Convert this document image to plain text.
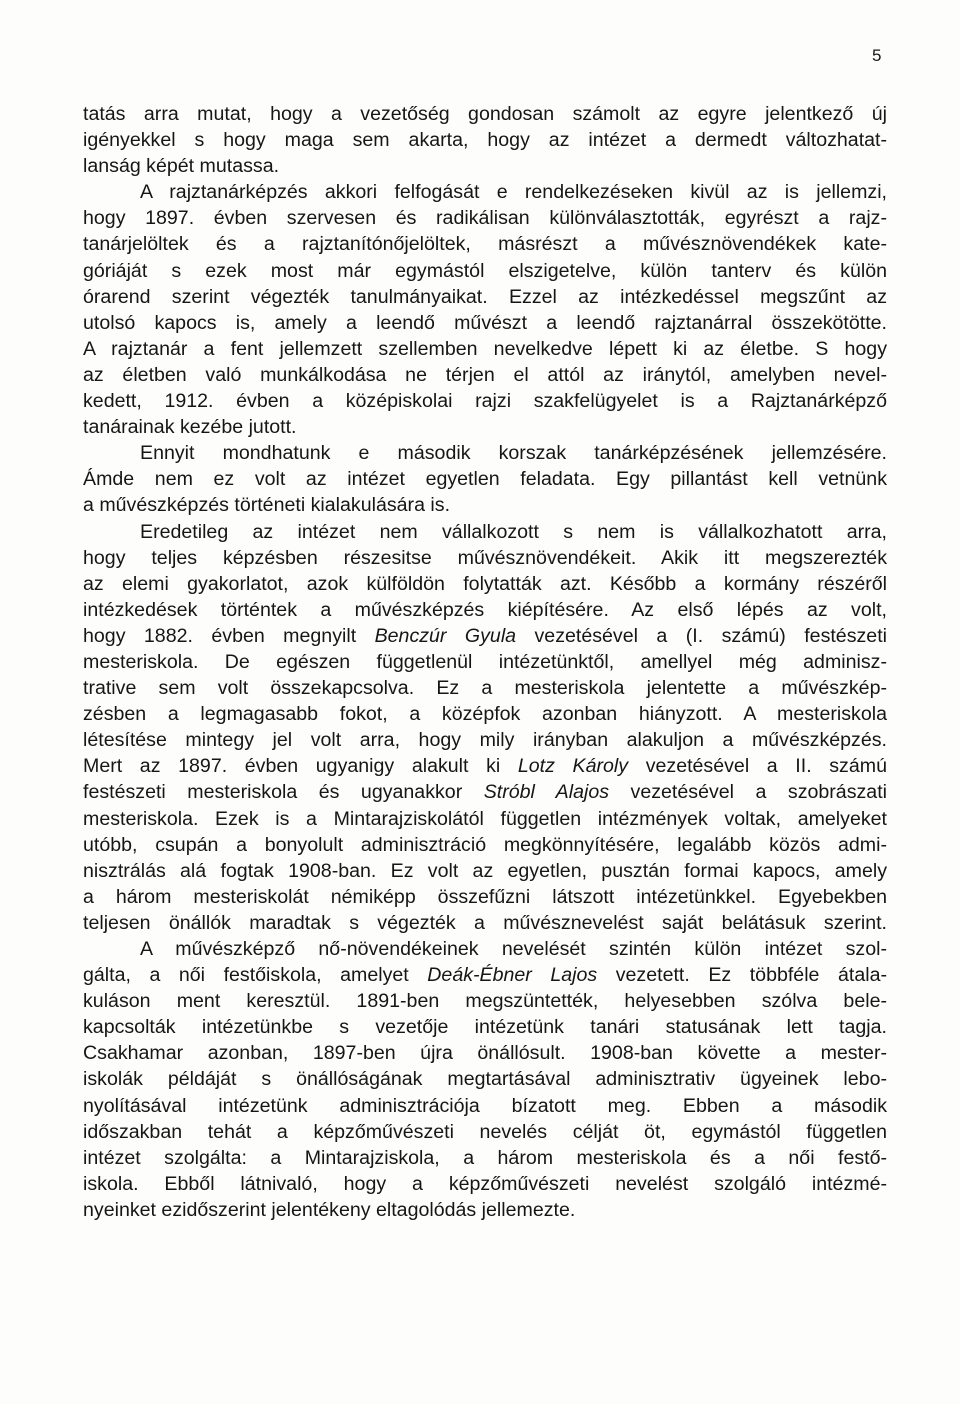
5
tatás arra mutat, hogy a vezetőség gondosan számolt az egyre jelentkező új
igényekkel s hogy maga sem akarta, hogy az intézet a dermedt változhatat-
lanság képét mutassa.
A rajztanárképzés akkori felfogását e rendelkezéseken kivül az is jellemzi,
hogy 1897. évben szervesen és radikálisan különválasztották, egyrészt a rajz-
tanárjelöltek és a rajztanítónőjelöltek, másrészt a művésznövendékek kate-
góriáját s ezek most már egymástól elszigetelve, külön tanterv és külön
órarend szerint végezték tanulmányaikat. Ezzel az intézkedéssel megszűnt az
utolsó kapocs is, amely a leendő művészt a leendő rajztanárral összekötötte.
A rajztanár a fent jellemzett szellemben nevelkedve lépett ki az életbe. S hogy
az életben való munkálkodása ne térjen el attól az iránytól, amelyben nevel-
kedett, 1912. évben a középiskolai rajzi szakfelügyelet is a Rajztanárképző
tanárainak kezébe jutott.
Ennyit mondhatunk e második korszak tanárképzésének jellemzésére.
Ámde nem ez volt az intézet egyetlen feladata. Egy pillantást kell vetnünk
a művészképzés történeti kialakulására is.
Eredetileg az intézet nem vállalkozott s nem is vállalkozhatott arra,
hogy teljes képzésben részesitse művésznövendékeit. Akik itt megszerezték
az elemi gyakorlatot, azok külföldön folytatták azt. Később a kormány részéről
intézkedések történtek a művészképzés kiépítésére. Az első lépés az volt,
hogy 1882. évben megnyilt Benczúr Gyula vezetésével a (I. számú) festészeti
mesteriskola. De egészen függetlenül intézetünktől, amellyel még adminisz-
trative sem volt összekapcsolva. Ez a mesteriskola jelentette a művészkép-
zésben a legmagasabb fokot, a középfok azonban hiányzott. A mesteriskola
létesítése mintegy jel volt arra, hogy mily irányban alakuljon a művészképzés.
Mert az 1897. évben ugyanigy alakult ki Lotz Károly vezetésével a II. számú
festészeti mesteriskola és ugyanakkor Stróbl Alajos vezetésével a szobrászati
mesteriskola. Ezek is a Mintarajziskolától független intézmények voltak, amelyeket
utóbb, csupán a bonyolult adminisztráció megkönnyítésére, legalább közös admi-
nisztrálás alá fogtak 1908-ban. Ez volt az egyetlen, pusztán formai kapocs, amely
a három mesteriskolát némiképp összefűzni látszott intézetünkkel. Egyebekben
teljesen önállók maradtak s végezték a művésznevelést saját belátásuk szerint.
A művészképző nő-növendékeinek nevelését szintén külön intézet szol-
gálta, a női festőiskola, amelyet Deák-Ébner Lajos vezetett. Ez többféle átala-
kuláson ment keresztül. 1891-ben megszüntették, helyesebben szólva bele-
kapcsolták intézetünkbe s vezetője intézetünk tanári statusának lett tagja.
Csakhamar azonban, 1897-ben újra önállósult. 1908-ban követte a mester-
iskolák példáját s önállóságának megtartásával adminisztrativ ügyeinek lebo-
nyolításával intézetünk adminisztrációja bízatott meg. Ebben a második
időszakban tehát a képzőművészeti nevelés célját öt, egymástól független
intézet szolgálta: a Mintarajziskola, a három mesteriskola és a női festő-
iskola. Ebből látnivaló, hogy a képzőművészeti nevelést szolgáló intézmé-
nyeinket ezidőszerint jelentékeny eltagolódás jellemezte.
